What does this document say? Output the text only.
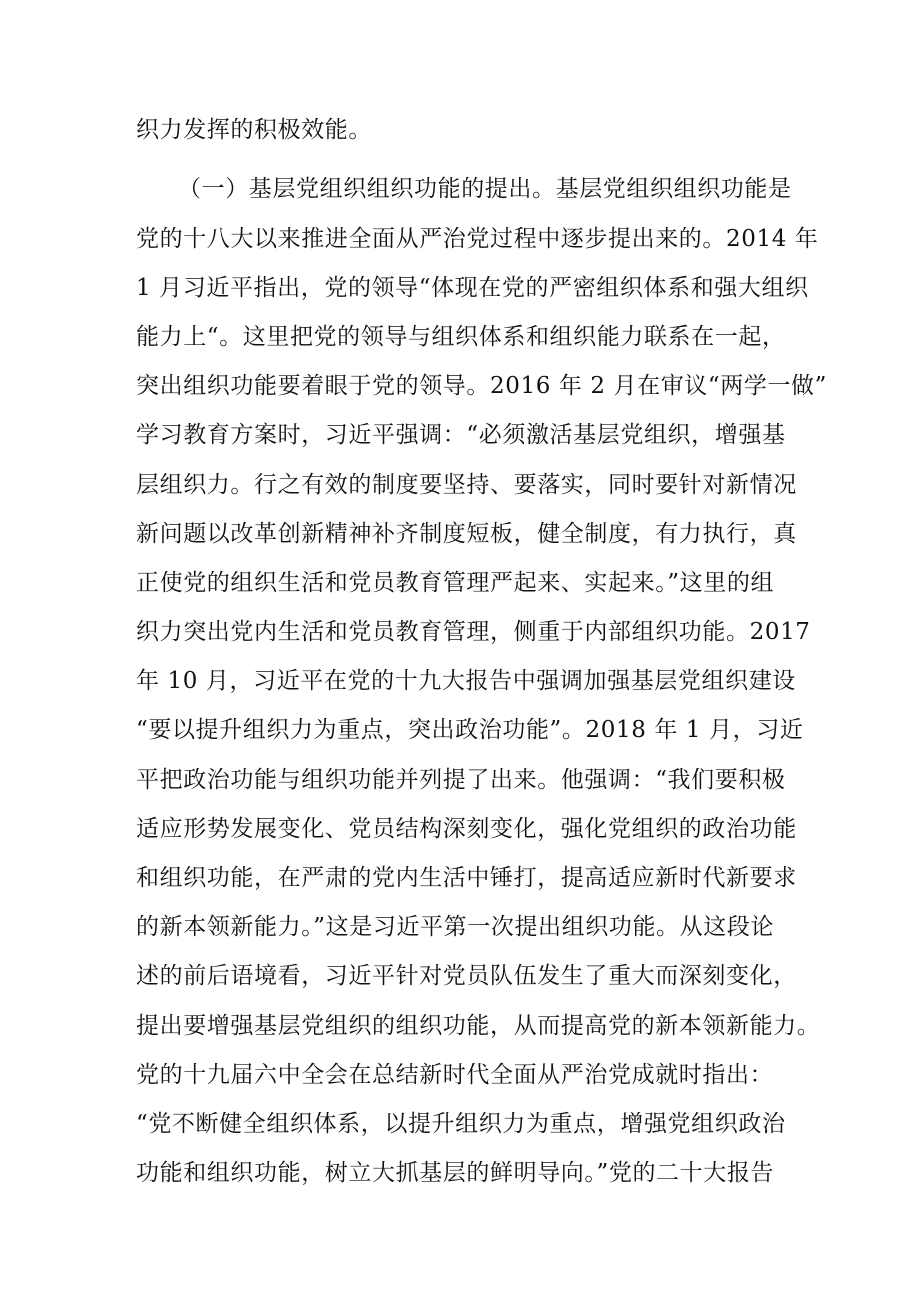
织力发挥的积极效能。
（一）基层党组织组织功能的提出。基层党组织组织功能是
党的十八大以来推进全面从严治党过程中逐步提出来的。2014 年
1 月习近平指出，党的领导“体现在党的严密组织体系和强大组织
能力上“。这里把党的领导与组织体系和组织能力联系在一起，
突出组织功能要着眼于党的领导。2016 年 2 月在审议“两学一做”
学习教育方案时，习近平强调：“必须激活基层党组织，增强基
层组织力。行之有效的制度要坚持、要落实，同时要针对新情况
新问题以改革创新精神补齐制度短板，健全制度，有力执行，真
正使党的组织生活和党员教育管理严起来、实起来。”这里的组
织力突出党内生活和党员教育管理，侧重于内部组织功能。2017
年 10 月，习近平在党的十九大报告中强调加强基层党组织建设
“要以提升组织力为重点，突出政治功能”。2018 年 1 月，习近
平把政治功能与组织功能并列提了出来。他强调：“我们要积极
适应形势发展变化、党员结构深刻变化，强化党组织的政治功能
和组织功能，在严肃的党内生活中锤打，提高适应新时代新要求
的新本领新能力。”这是习近平第一次提出组织功能。从这段论
述的前后语境看，习近平针对党员队伍发生了重大而深刻变化，
提出要增强基层党组织的组织功能，从而提高党的新本领新能力。
党的十九届六中全会在总结新时代全面从严治党成就时指出：
“党不断健全组织体系，以提升组织力为重点，增强党组织政治
功能和组织功能，树立大抓基层的鲜明导向。”党的二十大报告
